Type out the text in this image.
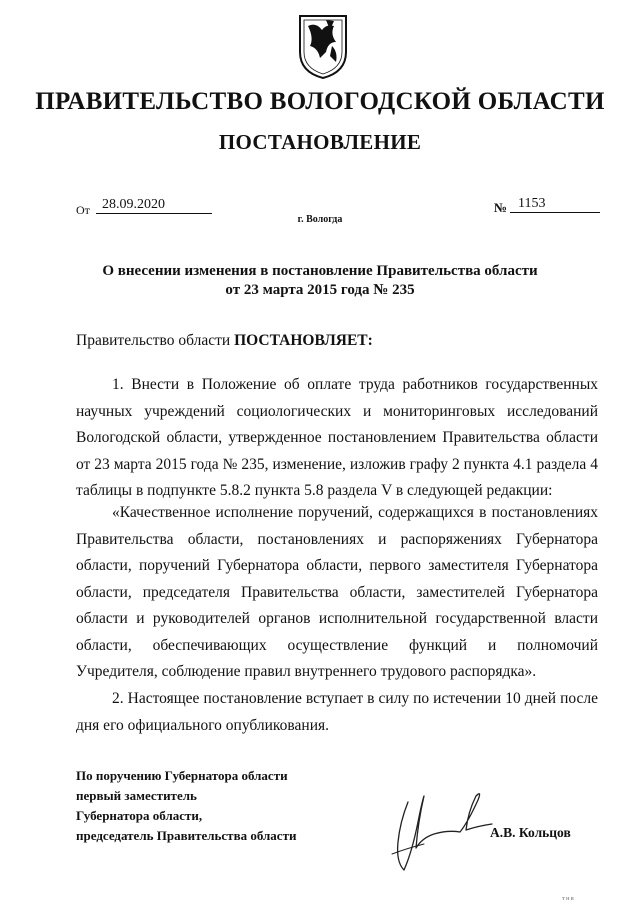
ПРАВИТЕЛЬСТВО ВОЛОГОДСКОЙ ОБЛАСТИ
ПОСТАНОВЛЕНИЕ
От 28.09.2020	№ 1153
г. Вологда
О внесении изменения в постановление Правительства области
от 23 марта 2015 года № 235
Правительство области ПОСТАНОВЛЯЕТ:
1. Внести в Положение об оплате труда работников государственных научных учреждений социологических и мониторинговых исследований Вологодской области, утвержденное постановлением Правительства области от 23 марта 2015 года № 235, изменение, изложив графу 2 пункта 4.1 раздела 4 таблицы в подпункте 5.8.2 пункта 5.8 раздела V в следующей редакции:
«Качественное исполнение поручений, содержащихся в постановлениях Правительства области, постановлениях и распоряжениях Губернатора области, поручений Губернатора области, первого заместителя Губернатора области, председателя Правительства области, заместителей Губернатора области и руководителей органов исполнительной государственной власти области, обеспечивающих осуществление функций и полномочий Учредителя, соблюдение правил внутреннего трудового распорядка».
2. Настоящее постановление вступает в силу по истечении 10 дней после дня его официального опубликования.
По поручению Губернатора области
первый заместитель
Губернатора области,
председатель Правительства области	А.В. Кольцов
т н в
